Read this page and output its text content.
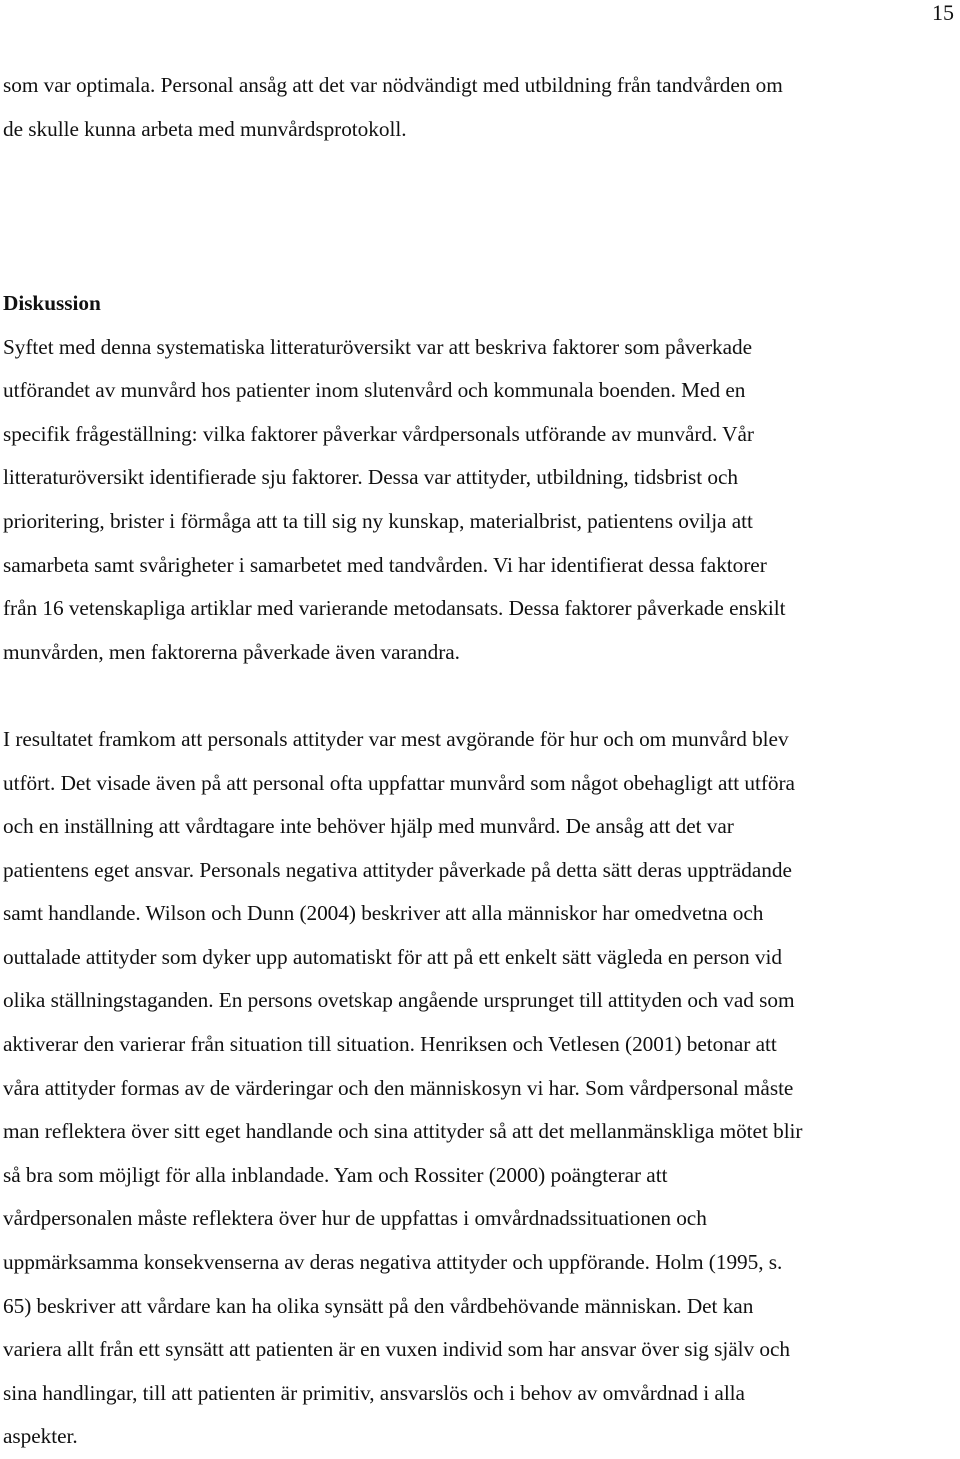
15
som var optimala. Personal ansåg att det var nödvändigt med utbildning från tandvården om
de skulle kunna arbeta med munvårdsprotokoll.
Diskussion
Syftet med denna systematiska litteraturöversikt var att beskriva faktorer som påverkade
utförandet av munvård hos patienter inom slutenvård och kommunala boenden. Med en
specifik frågeställning: vilka faktorer påverkar vårdpersonals utförande av munvård. Vår
litteraturöversikt identifierade sju faktorer. Dessa var attityder, utbildning, tidsbrist och
prioritering, brister i förmåga att ta till sig ny kunskap, materialbrist, patientens ovilja att
samarbeta samt svårigheter i samarbetet med tandvården. Vi har identifierat dessa faktorer
från 16 vetenskapliga artiklar med varierande metodansats. Dessa faktorer påverkade enskilt
munvården, men faktorerna påverkade även varandra.
I resultatet framkom att personals attityder var mest avgörande för hur och om munvård blev
utfört. Det visade även på att personal ofta uppfattar munvård som något obehagligt att utföra
och en inställning att vårdtagare inte behöver hjälp med munvård. De ansåg att det var
patientens eget ansvar. Personals negativa attityder påverkade på detta sätt deras uppträdande
samt handlande. Wilson och Dunn (2004) beskriver att alla människor har omedvetna och
outtalade attityder som dyker upp automatiskt för att på ett enkelt sätt vägleda en person vid
olika ställningstaganden. En persons ovetskap angående ursprunget till attityden och vad som
aktiverar den varierar från situation till situation. Henriksen och Vetlesen (2001) betonar att
våra attityder formas av de värderingar och den människosyn vi har. Som vårdpersonal måste
man reflektera över sitt eget handlande och sina attityder så att det mellanmänskliga mötet blir
så bra som möjligt för alla inblandade. Yam och Rossiter (2000) poängterar att
vårdpersonalen måste reflektera över hur de uppfattas i omvårdnadssituationen och
uppmärksamma konsekvenserna av deras negativa attityder och uppförande. Holm (1995, s.
65) beskriver att vårdare kan ha olika synsätt på den vårdbehövande människan. Det kan
variera allt från ett synsätt att patienten är en vuxen individ som har ansvar över sig själv och
sina handlingar, till att patienten är primitiv, ansvarslös och i behov av omvårdnad i alla
aspekter.
